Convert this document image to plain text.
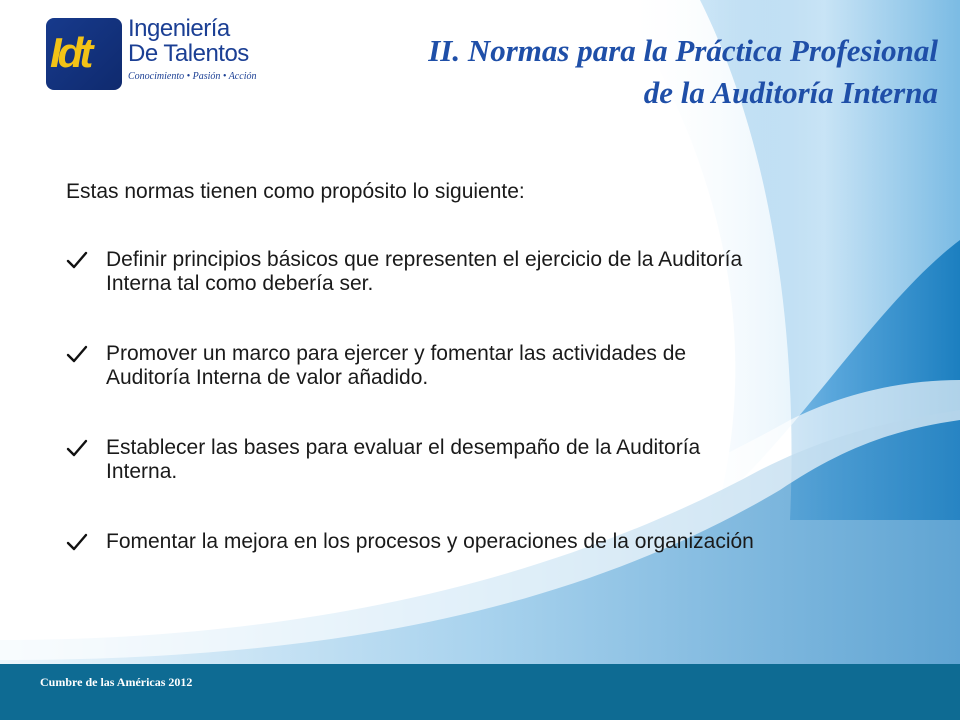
Idt
Ingeniería
De Talentos
Conocimiento • Pasión • Acción
II. Normas para la Práctica Profesional
de la Auditoría Interna
Estas normas tienen como propósito lo siguiente:
Definir principios básicos que representen el ejercicio de la Auditoría
Interna tal como debería ser.
Promover un marco para ejercer y fomentar las actividades de
Auditoría Interna de valor añadido.
Establecer las bases para evaluar el desempaño de la Auditoría
Interna.
Fomentar la mejora en los procesos y operaciones de la organización
Cumbre de las Américas 2012
